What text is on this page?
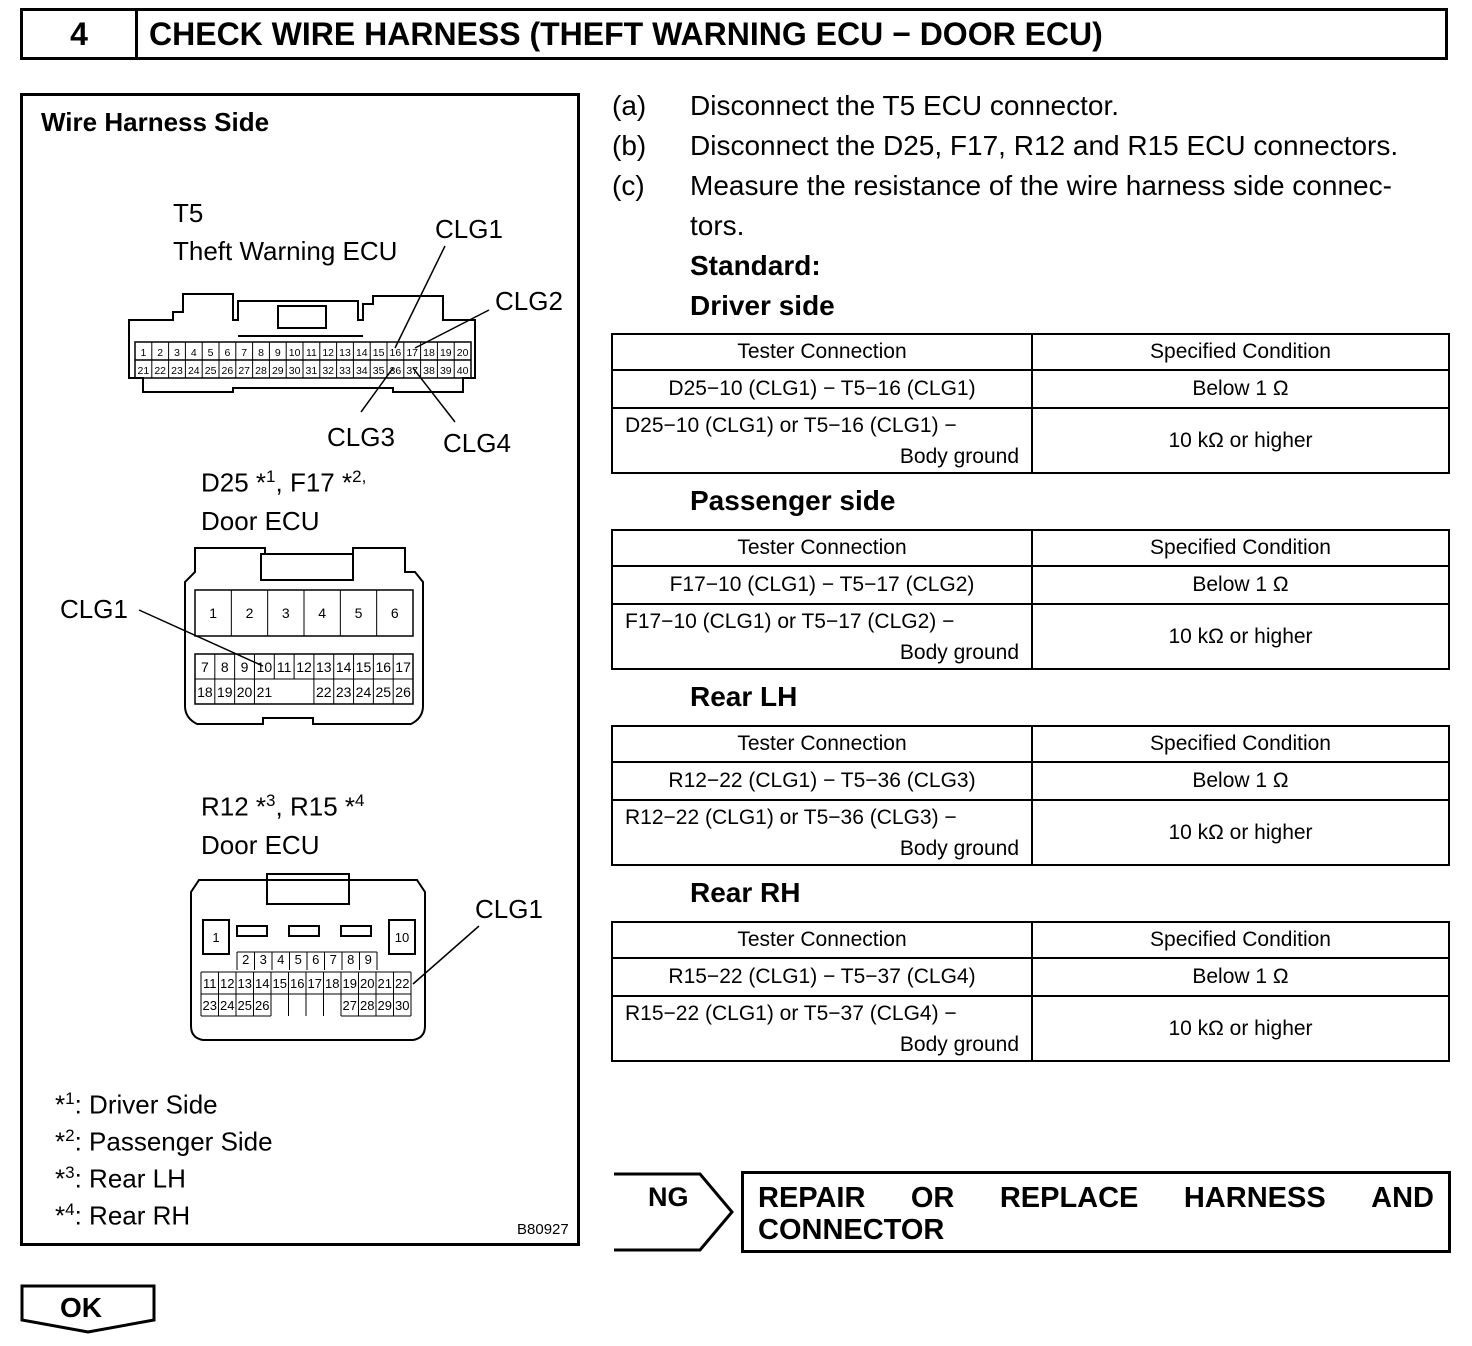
4	CHECK WIRE HARNESS (THEFT WARNING ECU − DOOR ECU)
1 2 3 4 5 6 7 8 9 10 11 12 13 14 15 16 17 18 19 20
21 22 23 24 25 26 27 28 29 30 31 32 33 34 35 36 37 38 39 40
1 2 3 4 5 6
7 8 9 10 11 12 13 14 15 16 17
18 19 20 21	22 23 24 25 26
1	10
2 3 4 5 6 7 8 9
11 12 13 14 15 16 17 18 19 20 21 22
23 24 25 26	27 28 29 30
Wire Harness Side
T5
Theft Warning ECU
CLG1
CLG2
CLG3 CLG4
D25 *$^1$, F17 *$^{2,}$
Door ECU
CLG1
R12 *$^3$, R15 *$^4$
Door ECU
CLG1
*$^1$: Driver Side
*$^2$: Passenger Side
*$^3$: Rear LH
*$^4$: Rear RH	B80927
(a) Disconnect the T5 ECU connector.
(b) Disconnect the D25, F17, R12 and R15 ECU connectors.
(c) Measure the resistance of the wire harness side connec-
tors.
Standard:
Driver side
Passenger side
Rear LH
Rear RH
Tester Connection	Specified Condition
D25−10 (CLG1) − T5−16 (CLG1)	Below 1 Ω

D25−10 (CLG1) or T5−16 (CLG1) −
Body ground	10 kΩ or higher
Tester Connection	Specified Condition
F17−10 (CLG1) − T5−17 (CLG2)	Below 1 Ω

F17−10 (CLG1) or T5−17 (CLG2) −
Body ground	10 kΩ or higher
Tester Connection	Specified Condition
R12−22 (CLG1) − T5−36 (CLG3)	Below 1 Ω

R12−22 (CLG1) or T5−36 (CLG3) −
Body ground	10 kΩ or higher
Tester Connection	Specified Condition
R15−22 (CLG1) − T5−37 (CLG4)	Below 1 Ω

R15−22 (CLG1) or T5−37 (CLG4) −
Body ground	10 kΩ or higher
NG REPAIR OR REPLACE HARNESS AND
CONNECTOR
OK
